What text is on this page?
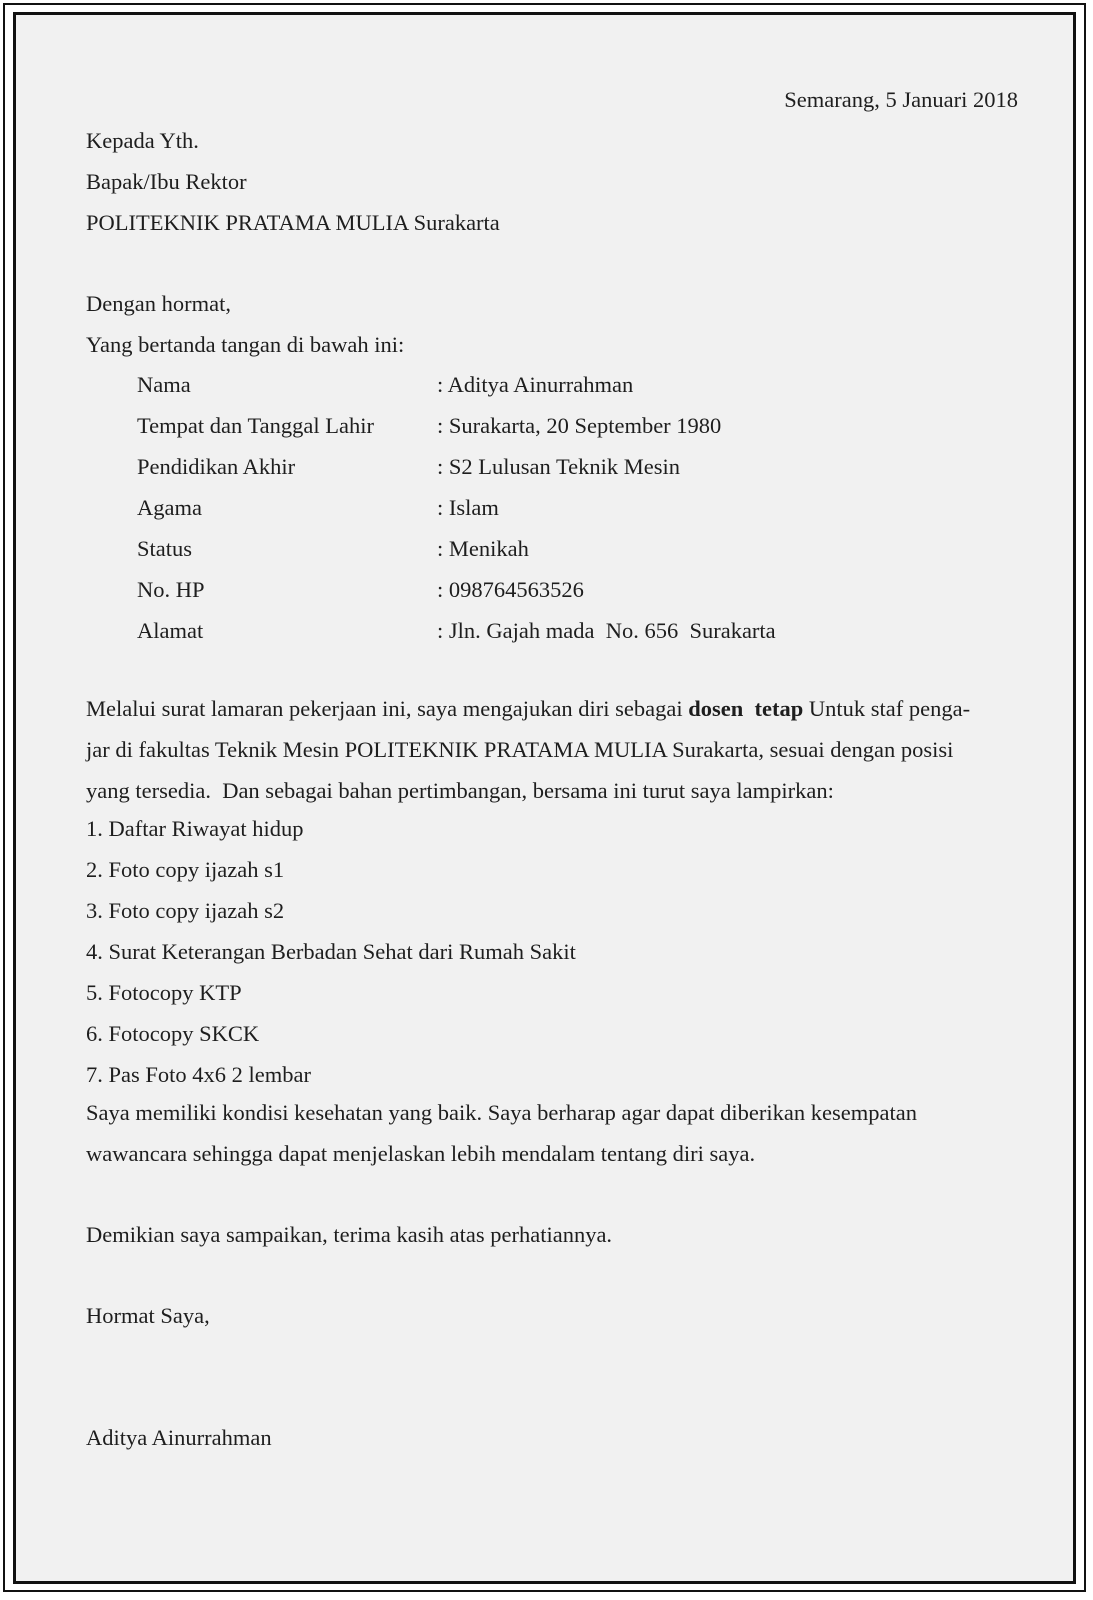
Semarang, 5 Januari 2018
Kepada Yth.
Bapak/Ibu Rektor
POLITEKNIK PRATAMA MULIA Surakarta
Dengan hormat,
Yang bertanda tangan di bawah ini:
Nama	: Aditya Ainurrahman
Tempat dan Tanggal Lahir	: Surakarta, 20 September 1980
Pendidikan Akhir	: S2 Lulusan Teknik Mesin
Agama	: Islam
Status	: Menikah
No. HP	: 098764563526
Alamat	: Jln. Gajah mada  No. 656  Surakarta
Melalui surat lamaran pekerjaan ini, saya mengajukan diri sebagai dosen  tetap Untuk staf penga-
jar di fakultas Teknik Mesin POLITEKNIK PRATAMA MULIA Surakarta, sesuai dengan posisi
yang tersedia.  Dan sebagai bahan pertimbangan, bersama ini turut saya lampirkan:
1. Daftar Riwayat hidup
2. Foto copy ijazah s1
3. Foto copy ijazah s2
4. Surat Keterangan Berbadan Sehat dari Rumah Sakit
5. Fotocopy KTP
6. Fotocopy SKCK
7. Pas Foto 4x6 2 lembar
Saya memiliki kondisi kesehatan yang baik. Saya berharap agar dapat diberikan kesempatan
wawancara sehingga dapat menjelaskan lebih mendalam tentang diri saya.
Demikian saya sampaikan, terima kasih atas perhatiannya.
Hormat Saya,
Aditya Ainurrahman
